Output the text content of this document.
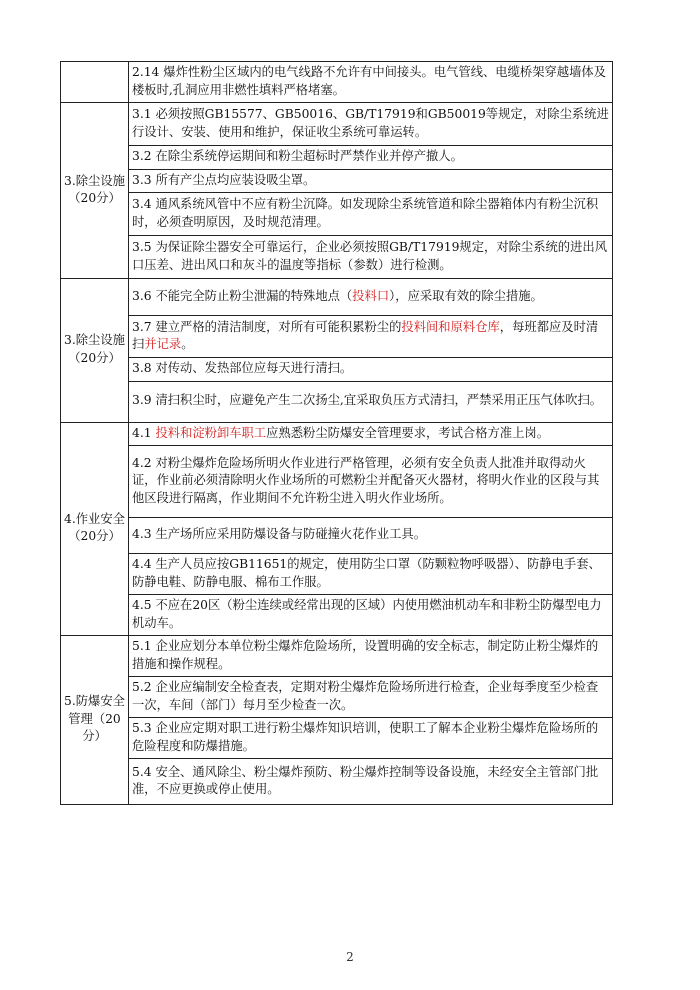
	2.14 爆炸性粉尘区域内的电气线路不允许有中间接头。电气管线、电缆桥架穿越墙体及楼板时,孔洞应用非燃性填料严格堵塞。
3.除尘设施（20分）	3.1 必须按照GB15577、GB50016、GB/T17919和GB50019等规定，对除尘系统进行设计、安装、使用和维护，保证收尘系统可靠运转。
	3.2 在除尘系统停运期间和粉尘超标时严禁作业并停产撤人。
	3.3 所有产尘点均应装设吸尘罩。
	3.4 通风系统风管中不应有粉尘沉降。如发现除尘系统管道和除尘器箱体内有粉尘沉积时，必须查明原因，及时规范清理。
	3.5 为保证除尘器安全可靠运行，企业必须按照GB/T17919规定，对除尘系统的进出风口压差、进出风口和灰斗的温度等指标（参数）进行检测。
3.除尘设施（20分）	3.6 不能完全防止粉尘泄漏的特殊地点（投料口），应采取有效的除尘措施。
	3.7 建立严格的清洁制度，对所有可能积累粉尘的投料间和原料仓库，每班都应及时清扫并记录。
	3.8 对传动、发热部位应每天进行清扫。
	3.9 清扫积尘时，应避免产生二次扬尘,宜采取负压方式清扫，严禁采用正压气体吹扫。
4.作业安全（20分）	4.1 投料和淀粉卸车职工应熟悉粉尘防爆安全管理要求，考试合格方准上岗。
	4.2 对粉尘爆炸危险场所明火作业进行严格管理，必须有安全负责人批准并取得动火证，作业前必须清除明火作业场所的可燃粉尘并配备灭火器材，将明火作业的区段与其他区段进行隔离，作业期间不允许粉尘进入明火作业场所。
	4.3 生产场所应采用防爆设备与防碰撞火花作业工具。
	4.4 生产人员应按GB11651的规定，使用防尘口罩（防颗粒物呼吸器）、防静电手套、防静电鞋、防静电服、棉布工作服。
	4.5 不应在20区（粉尘连续或经常出现的区域）内使用燃油机动车和非粉尘防爆型电力机动车。
5.防爆安全管理（20分）	5.1 企业应划分本单位粉尘爆炸危险场所，设置明确的安全标志，制定防止粉尘爆炸的措施和操作规程。
	5.2 企业应编制安全检查表，定期对粉尘爆炸危险场所进行检查，企业每季度至少检查一次，车间（部门）每月至少检查一次。
	5.3 企业应定期对职工进行粉尘爆炸知识培训，使职工了解本企业粉尘爆炸危险场所的危险程度和防爆措施。
	5.4 安全、通风除尘、粉尘爆炸预防、粉尘爆炸控制等设备设施，未经安全主管部门批准，不应更换或停止使用。
2
